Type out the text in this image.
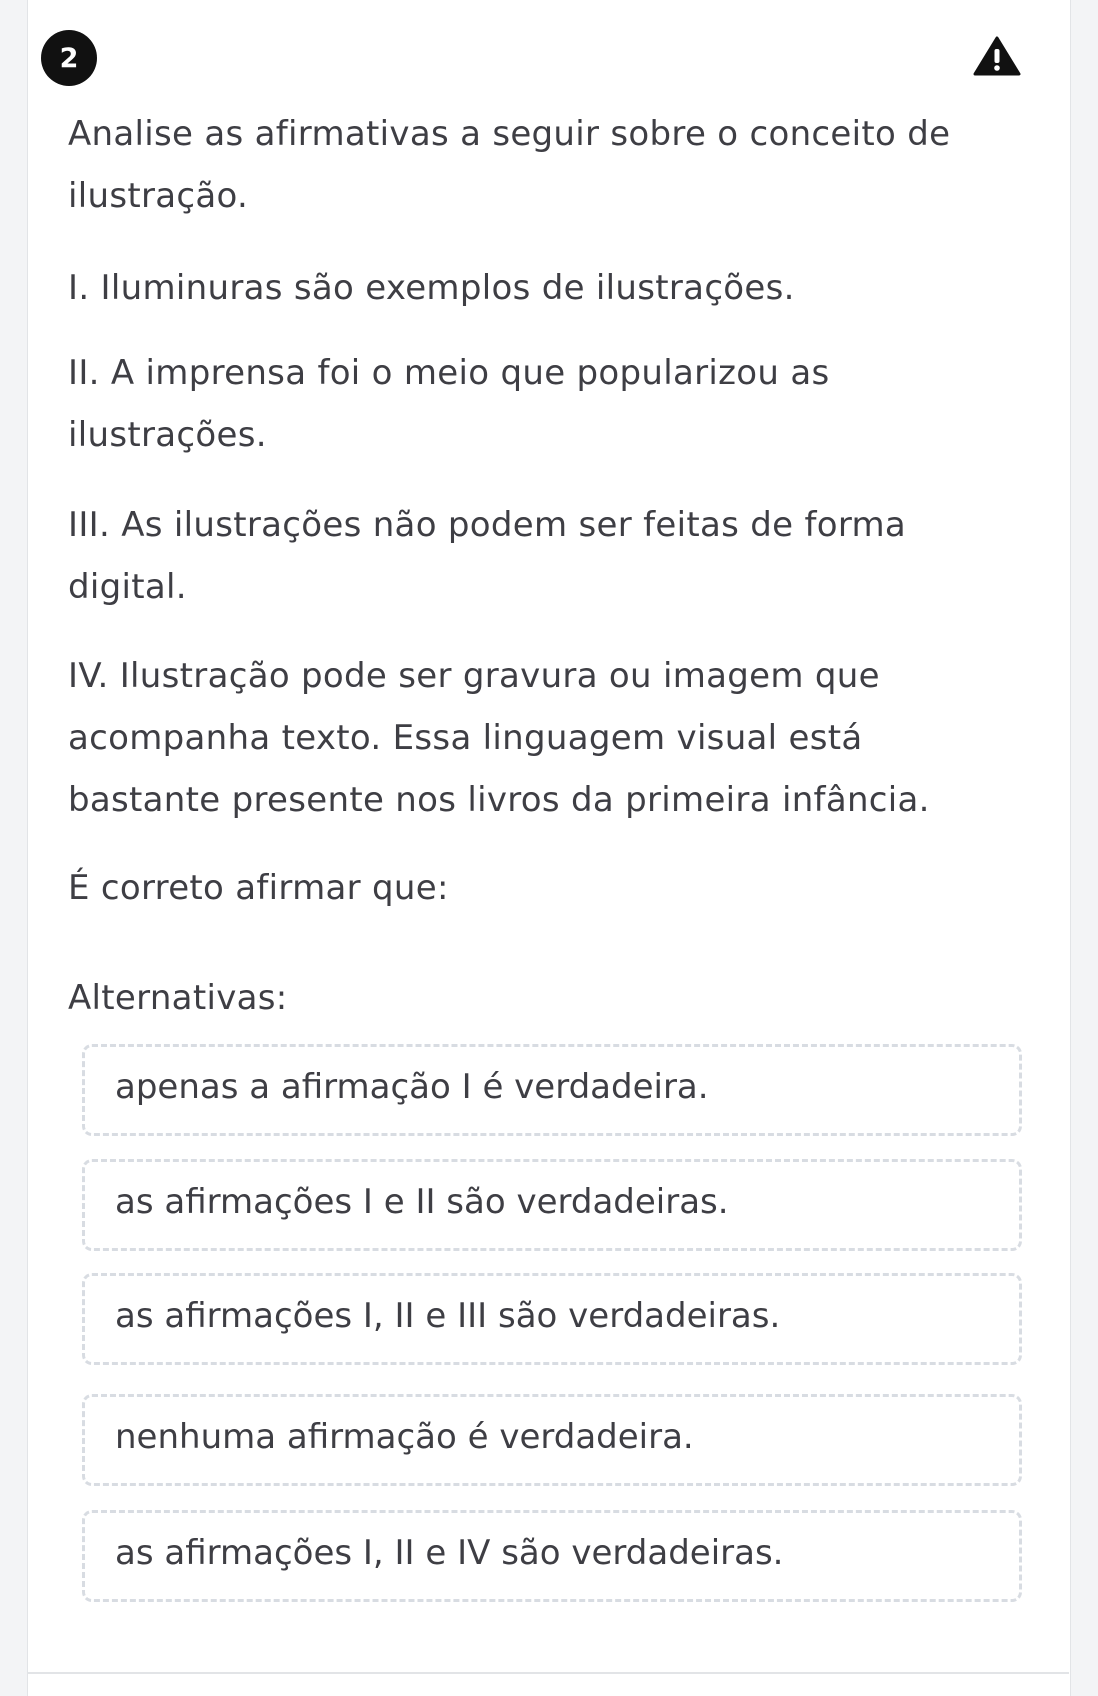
2
Analise as afirmativas a seguir sobre o conceito de
ilustração.
I. Iluminuras são exemplos de ilustrações.
II. A imprensa foi o meio que popularizou as
ilustrações.
III. As ilustrações não podem ser feitas de forma
digital.
IV. Ilustração pode ser gravura ou imagem que
acompanha texto. Essa linguagem visual está
bastante presente nos livros da primeira infância.
É correto afirmar que:
Alternativas:
apenas a afirmação I é verdadeira.
as afirmações I e II são verdadeiras.
as afirmações I, II e III são verdadeiras.
nenhuma afirmação é verdadeira.
as afirmações I, II e IV são verdadeiras.
